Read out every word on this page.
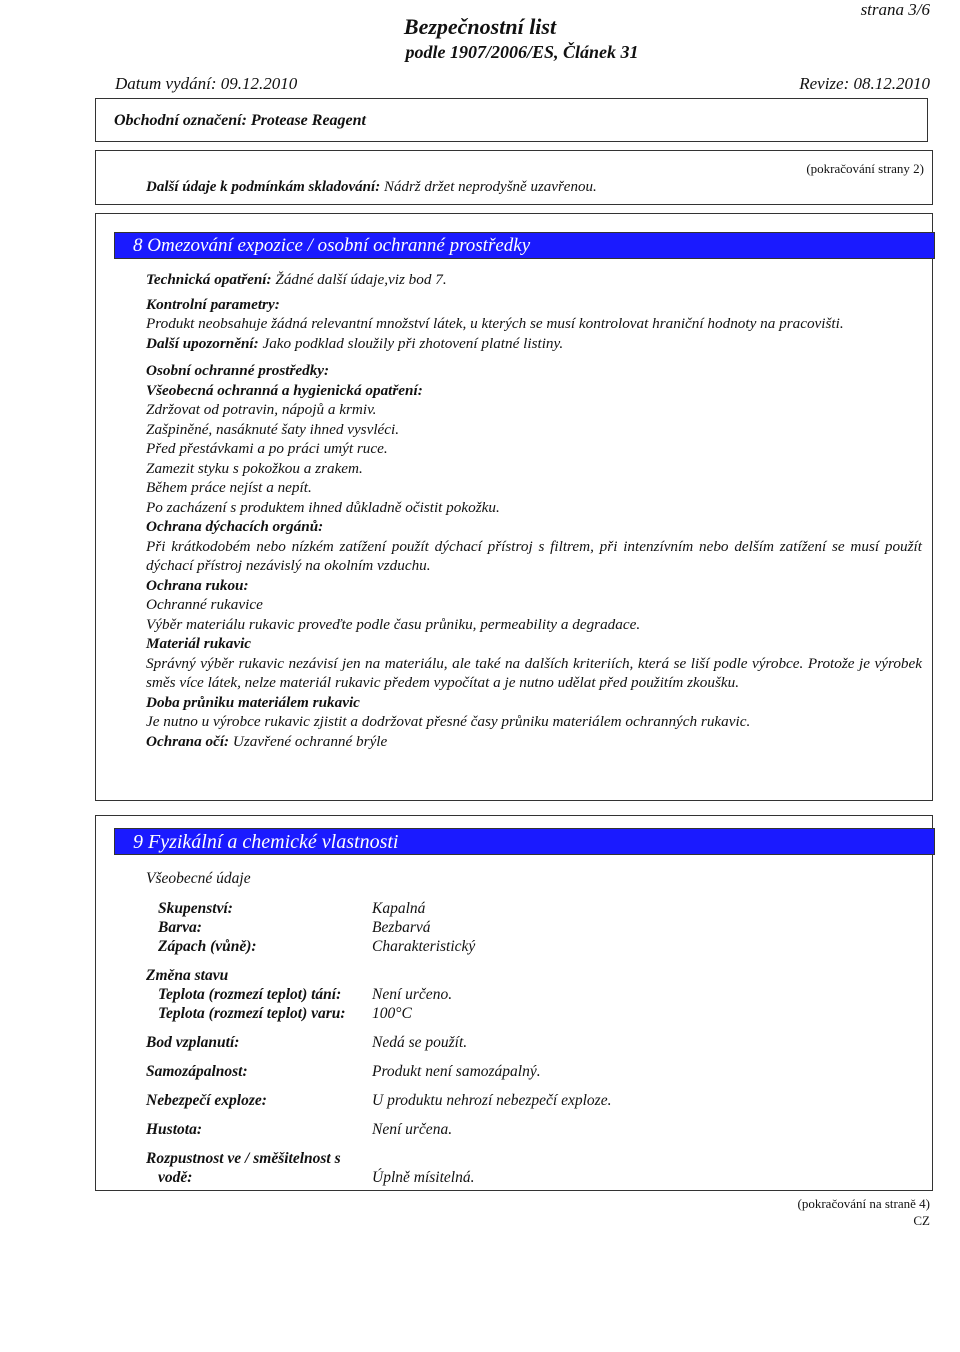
strana 3/6
Bezpečnostní list
podle 1907/2006/ES, Článek 31
Datum vydání: 09.12.2010	Revize: 08.12.2010
Obchodní označení: Protease Reagent
(pokračování strany 2)
Další údaje k podmínkám skladování: Nádrž držet neprodyšně uzavřenou.
8 Omezování expozice / osobní ochranné prostředky
Technická opatření: Žádné další údaje,viz bod 7.
Kontrolní parametry:
Produkt neobsahuje žádná relevantní množství látek, u kterých se musí kontrolovat hraniční hodnoty na pracovišti.
Další upozornění: Jako podklad sloužily při zhotovení platné listiny.
Osobní ochranné prostředky:
Všeobecná ochranná a hygienická opatření:
Zdržovat od potravin, nápojů a krmiv.
Zašpiněné, nasáknuté šaty ihned vysvléci.
Před přestávkami a po práci umýt ruce.
Zamezit styku s pokožkou a zrakem.
Během práce nejíst a nepít.
Po zacházení s produktem ihned důkladně očistit pokožku.
Ochrana dýchacích orgánů:
Při krátkodobém nebo nízkém zatížení použít dýchací přístroj s filtrem, při intenzívním nebo delším zatížení se musí použít dýchací přístroj nezávislý na okolním vzduchu.
Ochrana rukou:
Ochranné rukavice
Výběr materiálu rukavic proveďte podle času průniku, permeability a degradace.
Materiál rukavic
Správný výběr rukavic nezávisí jen na materiálu, ale také na dalších kriteriích, která se liší podle výrobce. Protože je výrobek směs více látek, nelze materiál rukavic předem vypočítat a je nutno udělat před použitím zkoušku.
Doba průniku materiálem rukavic
Je nutno u výrobce rukavic zjistit a dodržovat přesné časy průniku materiálem ochranných rukavic.
Ochrana očí: Uzavřené ochranné brýle
9 Fyzikální a chemické vlastnosti
Všeobecné údaje
Skupenství:	Kapalná
Barva:	Bezbarvá
Zápach (vůně):	Charakteristický
Změna stavu
Teplota (rozmezí teplot) tání: Není určeno.
Teplota (rozmezí teplot) varu: 100°C
Bod vzplanutí:	Nedá se použít.
Samozápalnost:	Produkt není samozápalný.
Nebezpečí exploze:	U produktu nehrozí nebezpečí exploze.
Hustota:	Není určena.
Rozpustnost ve / směšitelnost s
vodě:	Úplně mísitelná.
(pokračování na straně 4)
CZ
